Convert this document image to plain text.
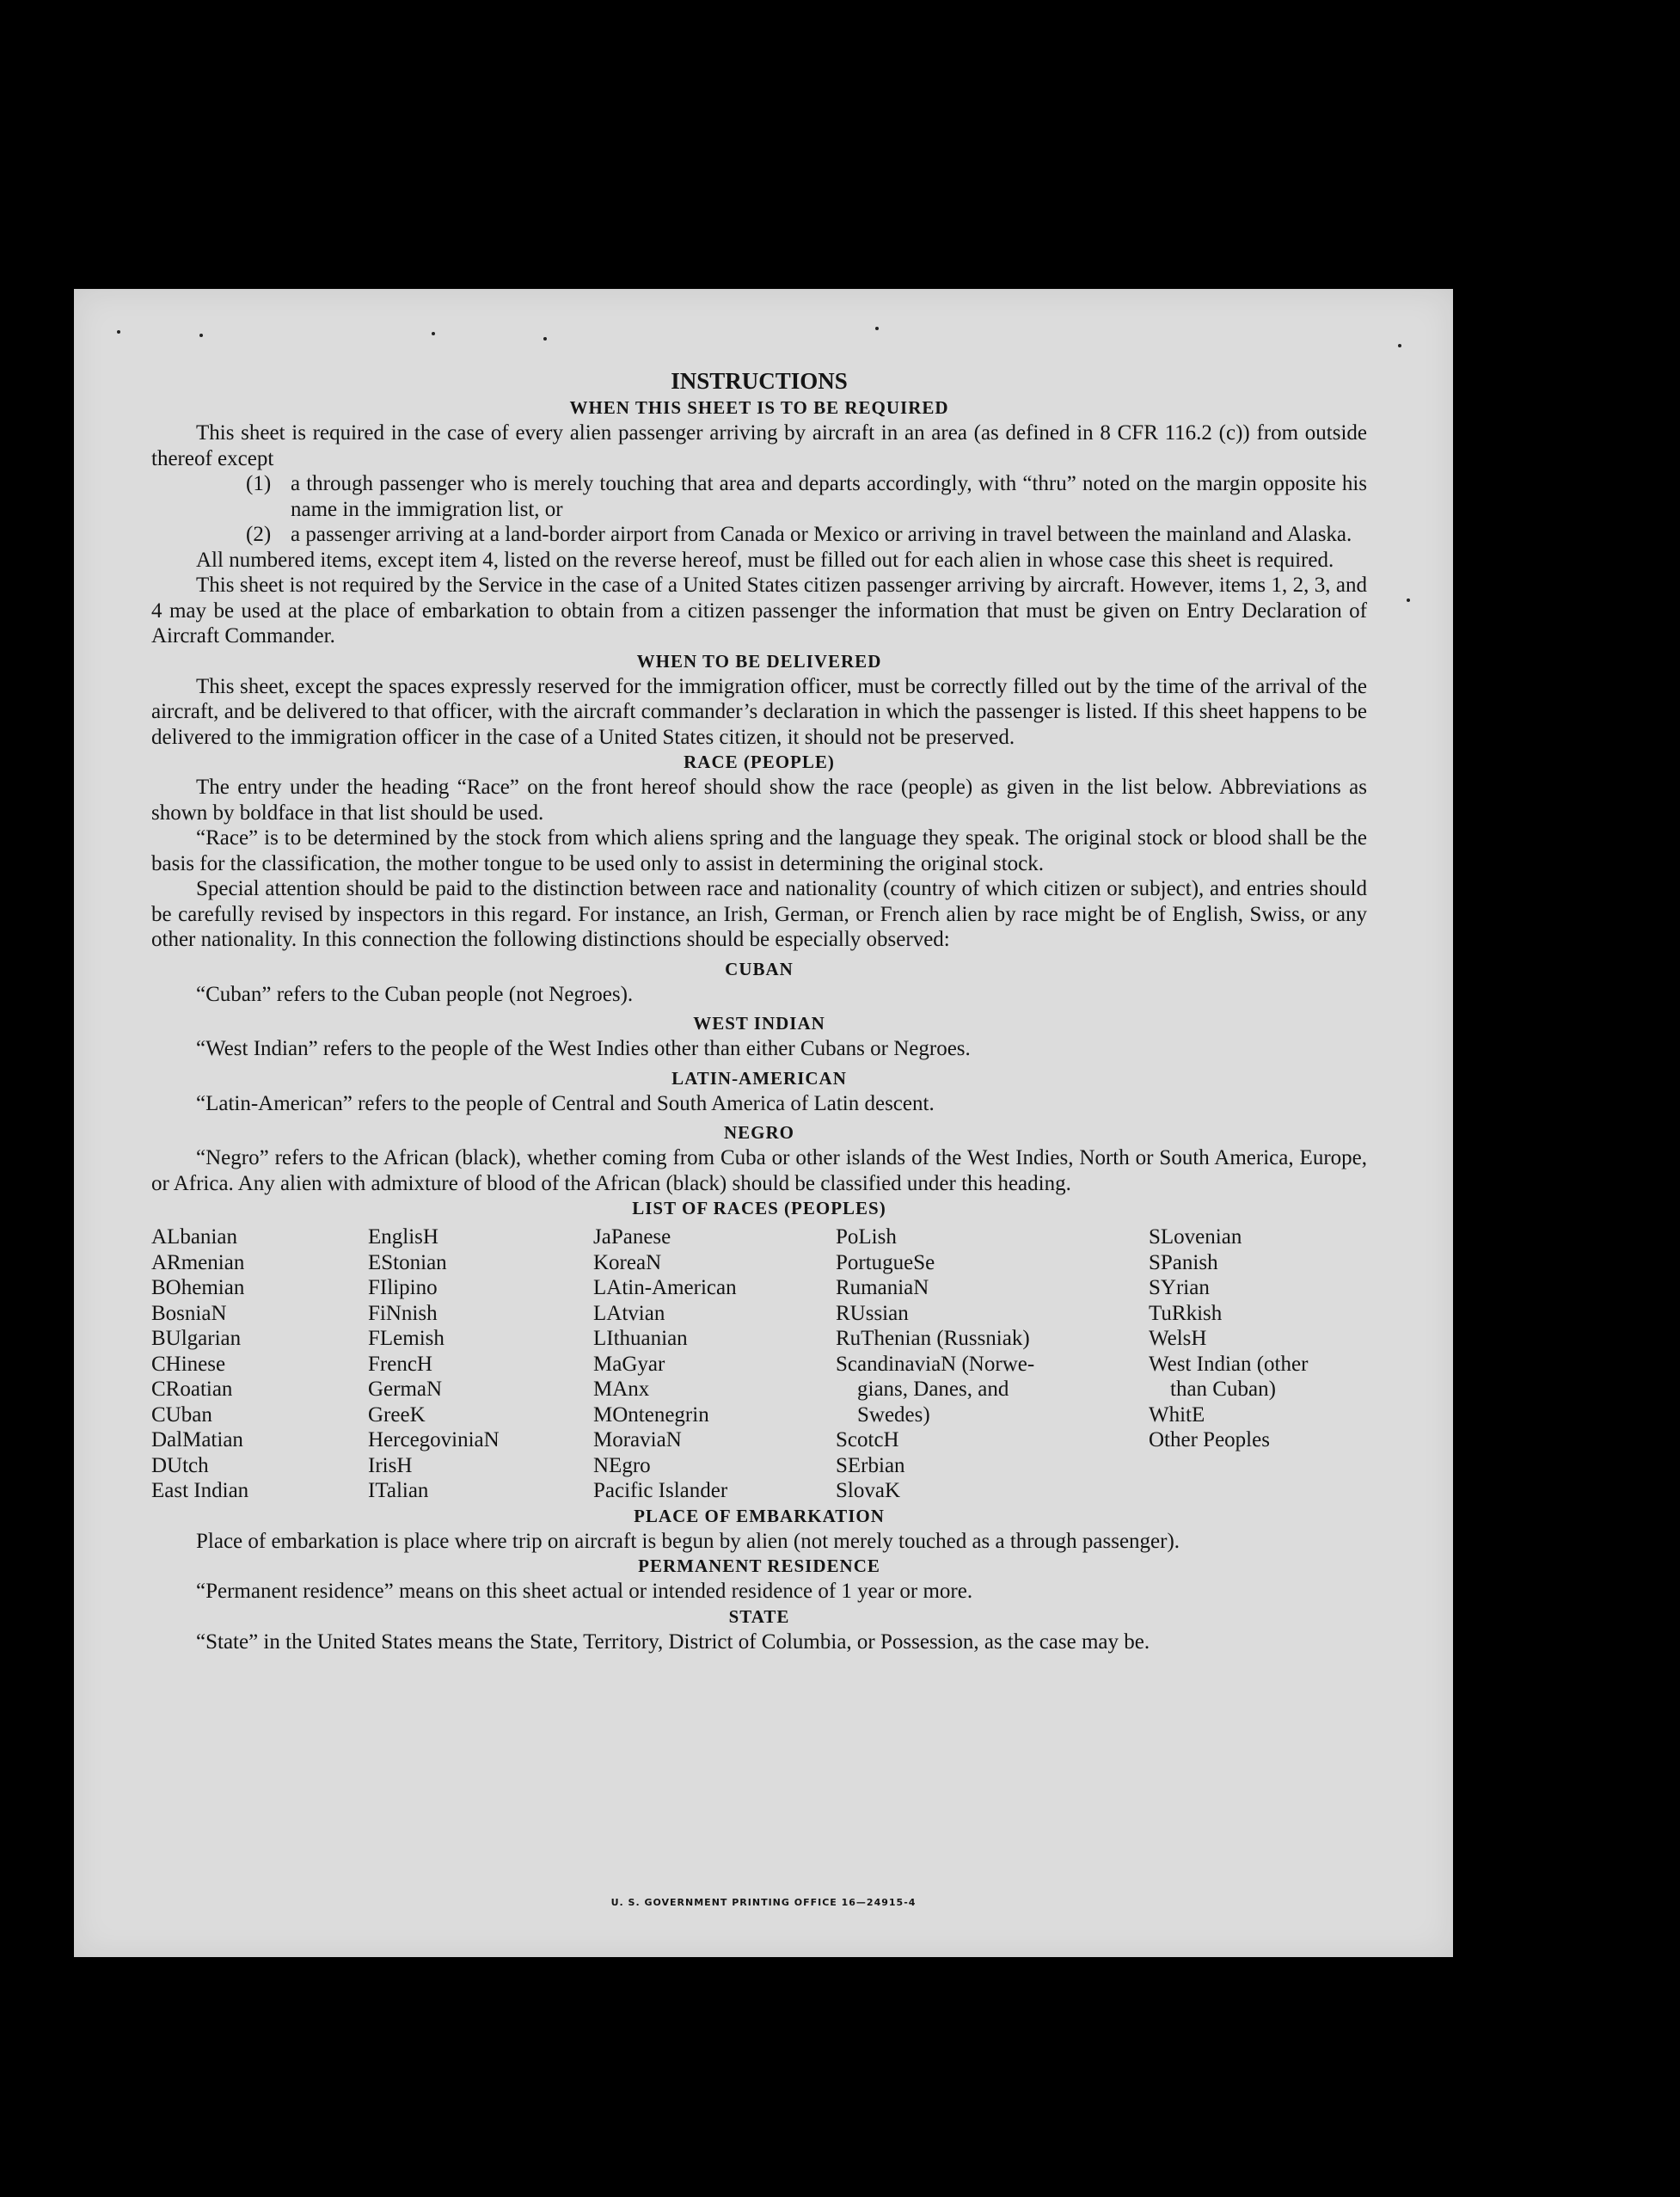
INSTRUCTIONS
WHEN THIS SHEET IS TO BE REQUIRED

This sheet is required in the case of every alien passenger arriving by aircraft in an area (as defined in 8 CFR 116.2 (c)) from outside thereof except

(1) a through passenger who is merely touching that area and departs accordingly, with “thru” noted on the margin opposite his name in the immigration list, or
(2) a passenger arriving at a land-border airport from Canada or Mexico or arriving in travel between the mainland and Alaska.

All numbered items, except item 4, listed on the reverse hereof, must be filled out for each alien in whose case this sheet is required.

This sheet is not required by the Service in the case of a United States citizen passenger arriving by aircraft. However, items 1, 2, 3, and 4 may be used at the place of embarkation to obtain from a citizen passenger the information that must be given on Entry Declaration of Aircraft Commander.

WHEN TO BE DELIVERED

This sheet, except the spaces expressly reserved for the immigration officer, must be correctly filled out by the time of the arrival of the aircraft, and be delivered to that officer, with the aircraft commander’s declaration in which the passenger is listed. If this sheet happens to be delivered to the immigration officer in the case of a United States citizen, it should not be preserved.

RACE (PEOPLE)

The entry under the heading “Race” on the front hereof should show the race (people) as given in the list below. Abbreviations as shown by boldface in that list should be used.

“Race” is to be determined by the stock from which aliens spring and the language they speak. The original stock or blood shall be the basis for the classification, the mother tongue to be used only to assist in determining the original stock.

Special attention should be paid to the distinction between race and nationality (country of which citizen or subject), and entries should be carefully revised by inspectors in this regard. For instance, an Irish, German, or French alien by race might be of English, Swiss, or any other nationality. In this connection the following distinctions should be especially observed:

CUBAN

“Cuban” refers to the Cuban people (not Negroes).

WEST INDIAN

“West Indian” refers to the people of the West Indies other than either Cubans or Negroes.

LATIN-AMERICAN

“Latin-American” refers to the people of Central and South America of Latin descent.

NEGRO

“Negro” refers to the African (black), whether coming from Cuba or other islands of the West Indies, North or South America, Europe, or Africa. Any alien with admixture of blood of the African (black) should be classified under this heading.

LIST OF RACES (PEOPLES)
ALbanian
ARmenian
BOhemian
BosniaN
BUlgarian
CHinese
CRoatian
CUban
DalMatian
DUtch
East Indian
EnglisH
EStonian
FIlipino
FiNnish
FLemish
FrencH
GermaN
GreeK
HercegoviniaN
IrisH
ITalian
JaPanese
KoreaN
LAtin-American
LAtvian
LIthuanian
MaGyar
MAnx
MOntenegrin
MoraviaN
NEgro
Pacific Islander
PoLish
PortugueSe
RumaniaN
RUssian
RuThenian (Russniak)
ScandinaviaN (Norwe-
 gians, Danes, and
 Swedes)
ScotcH
SErbian
SlovaK
SLovenian
SPanish
SYrian
TuRkish
WelsH
West Indian (other
 than Cuban)
WhitE
Other Peoples
PLACE OF EMBARKATION

Place of embarkation is place where trip on aircraft is begun by alien (not merely touched as a through passenger).

PERMANENT RESIDENCE

“Permanent residence” means on this sheet actual or intended residence of 1 year or more.

STATE

“State” in the United States means the State, Territory, District of Columbia, or Possession, as the case may be.

U. S. GOVERNMENT PRINTING OFFICE 16—24915-4
